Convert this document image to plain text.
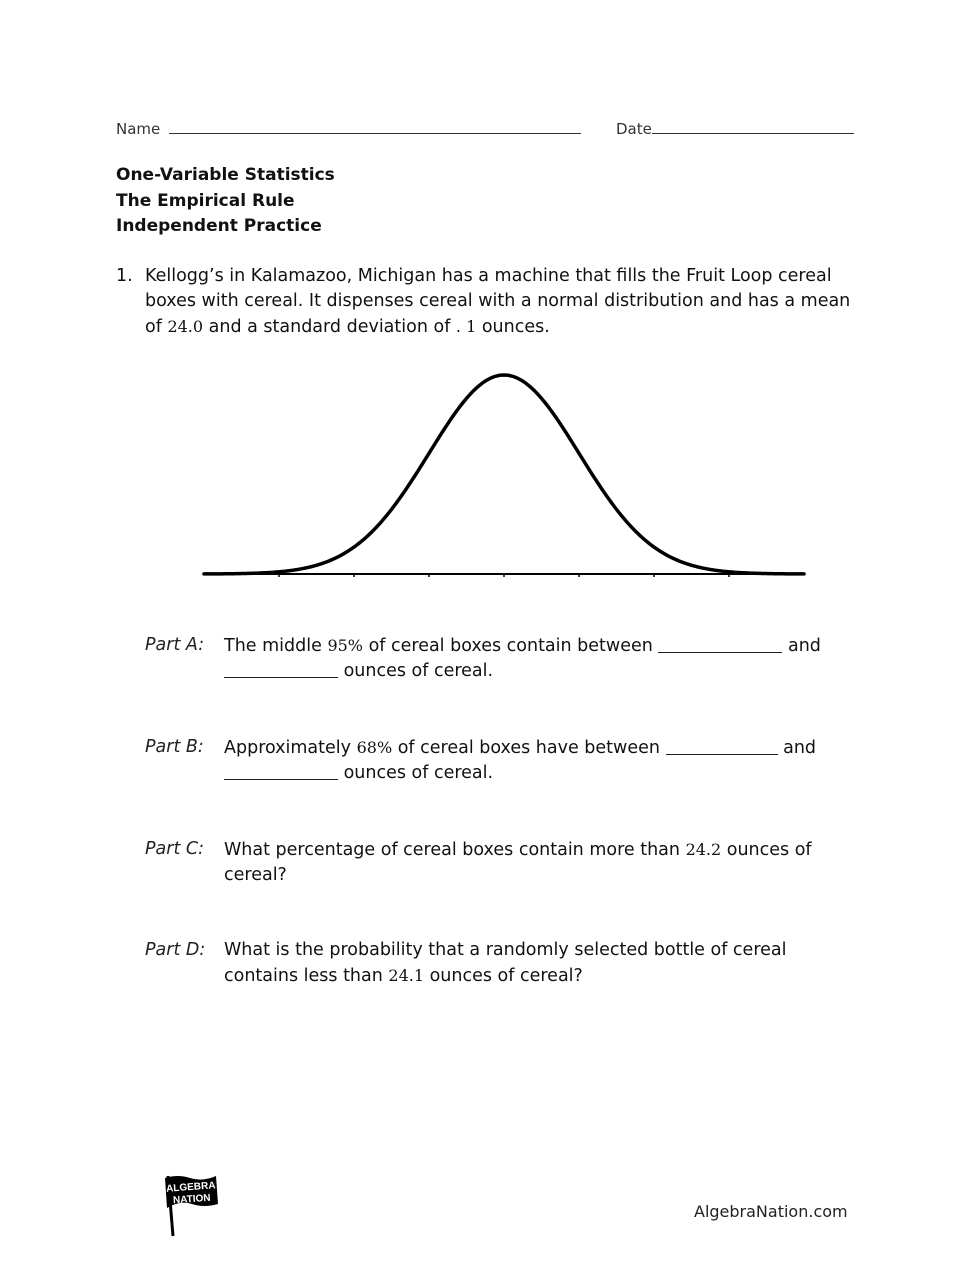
Name	Date
One-Variable Statistics
The Empirical Rule
Independent Practice
1. Kellogg’s in Kalamazoo, Michigan has a machine that fills the Fruit Loop cereal boxes with cereal. It dispenses cereal with a normal distribution and has a mean of 24.0 and a standard deviation of . 1 ounces.
Part A: The middle 95% of cereal boxes contain between	and
ounces of cereal.
Part B: Approximately 68% of cereal boxes have between	and
ounces of cereal.
Part C: What percentage of cereal boxes contain more than 24.2 ounces of cereal?
Part D: What is the probability that a randomly selected bottle of cereal contains less than 24.1 ounces of cereal?
ALGEBRA
NATION
AlgebraNation.com
